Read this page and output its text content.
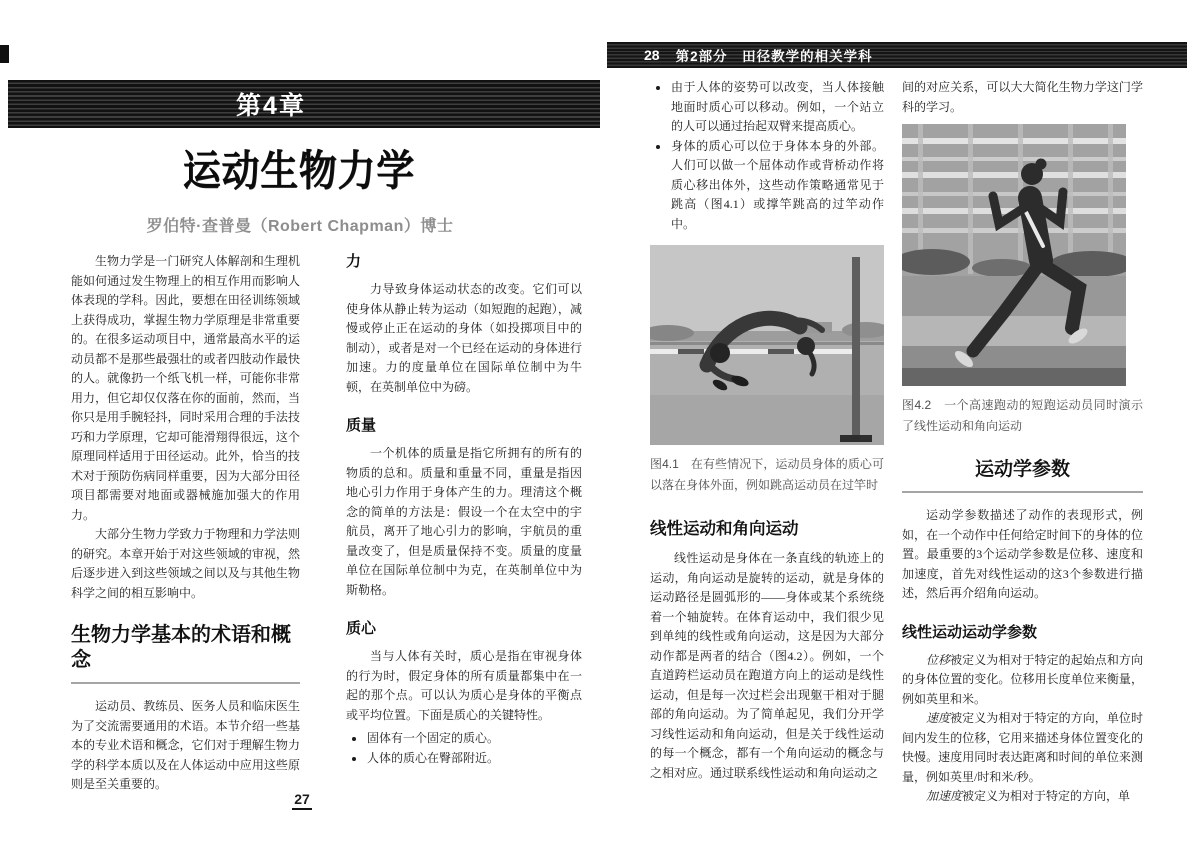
第4章
运动生物力学
罗伯特·查普曼（Robert Chapman）博士

生物力学是一门研究人体解剖和生理机能如何通过发生物理上的相互作用而影响人体表现的学科。因此，要想在田径训练领域上获得成功，掌握生物力学原理是非常重要的。在很多运动项目中，通常最高水平的运动员都不是那些最强壮的或者四肢动作最快的人。就像扔一个纸飞机一样，可能你非常用力，但它却仅仅落在你的面前，然而，当你只是用手腕轻抖，同时采用合理的手法技巧和力学原理，它却可能滑翔得很远，这个原理同样适用于田径运动。此外，恰当的技术对于预防伤病同样重要，因为大部分田径项目都需要对地面或器械施加强大的作用力。

大部分生物力学致力于物理和力学法则的研究。本章开始于对这些领域的审视，然后逐步进入到这些领域之间以及与其他生物科学之间的相互影响中。

生物力学基本的术语和概念

运动员、教练员、医务人员和临床医生为了交流需要通用的术语。本节介绍一些基本的专业术语和概念，它们对于理解生物力学的科学本质以及在人体运动中应用这些原则是至关重要的。

力

力导致身体运动状态的改变。它们可以使身体从静止转为运动（如短跑的起跑），减慢或停止正在运动的身体（如投掷项目中的制动），或者是对一个已经在运动的身体进行加速。力的度量单位在国际单位制中为牛顿，在英制单位中为磅。

质量

一个机体的质量是指它所拥有的所有的物质的总和。质量和重量不同，重量是指因地心引力作用于身体产生的力。理清这个概念的简单的方法是：假设一个在太空中的宇航员，离开了地心引力的影响，宇航员的重量改变了，但是质量保持不变。质量的度量单位在国际单位制中为克，在英制单位中为斯勒格。

质心

当与人体有关时，质心是指在审视身体的行为时，假定身体的所有质量都集中在一起的那个点。可以认为质心是身体的平衡点或平均位置。下面是质心的关键特性。

• 固体有一个固定的质心。
• 人体的质心在臀部附近。
27
28 第2部分　田径教学的相关学科
• 由于人体的姿势可以改变，当人体接触地面时质心可以移动。例如，一个站立的人可以通过抬起双臂来提高质心。
• 身体的质心可以位于身体本身的外部。人们可以做一个屈体动作或背桥动作将质心移出体外，这些动作策略通常见于跳高（图4.1）或撑竿跳高的过竿动作中。
图4.1　在有些情况下，运动员身体的质心可以落在身体外面，例如跳高运动员在过竿时
线性运动和角向运动

线性运动是身体在一条直线的轨迹上的运动，角向运动是旋转的运动，就是身体的运动路径是圆弧形的——身体或某个系统绕着一个轴旋转。在体育运动中，我们很少见到单纯的线性或角向运动，这是因为大部分动作都是两者的结合（图4.2）。例如，一个直道跨栏运动员在跑道方向上的运动是线性运动，但是每一次过栏会出现躯干相对于腿部的角向运动。为了简单起见，我们分开学习线性运动和角向运动，但是关于线性运动的每一个概念，都有一个角向运动的概念与之相对应。通过联系线性运动和角向运动之

间的对应关系，可以大大简化生物力学这门学科的学习。

图4.2　一个高速跑动的短跑运动员同时演示了线性运动和角向运动
运动学参数

运动学参数描述了动作的表现形式，例如，在一个动作中任何给定时间下的身体的位置。最重要的3个运动学参数是位移、速度和加速度，首先对线性运动的这3个参数进行描述，然后再介绍角向运动。

线性运动运动学参数

位移被定义为相对于特定的起始点和方向的身体位置的变化。位移用长度单位来衡量，例如英里和米。

速度被定义为相对于特定的方向，单位时间内发生的位移，它用来描述身体位置变化的快慢。速度用同时表达距离和时间的单位来测量，例如英里/时和米/秒。

加速度被定义为相对于特定的方向，单
